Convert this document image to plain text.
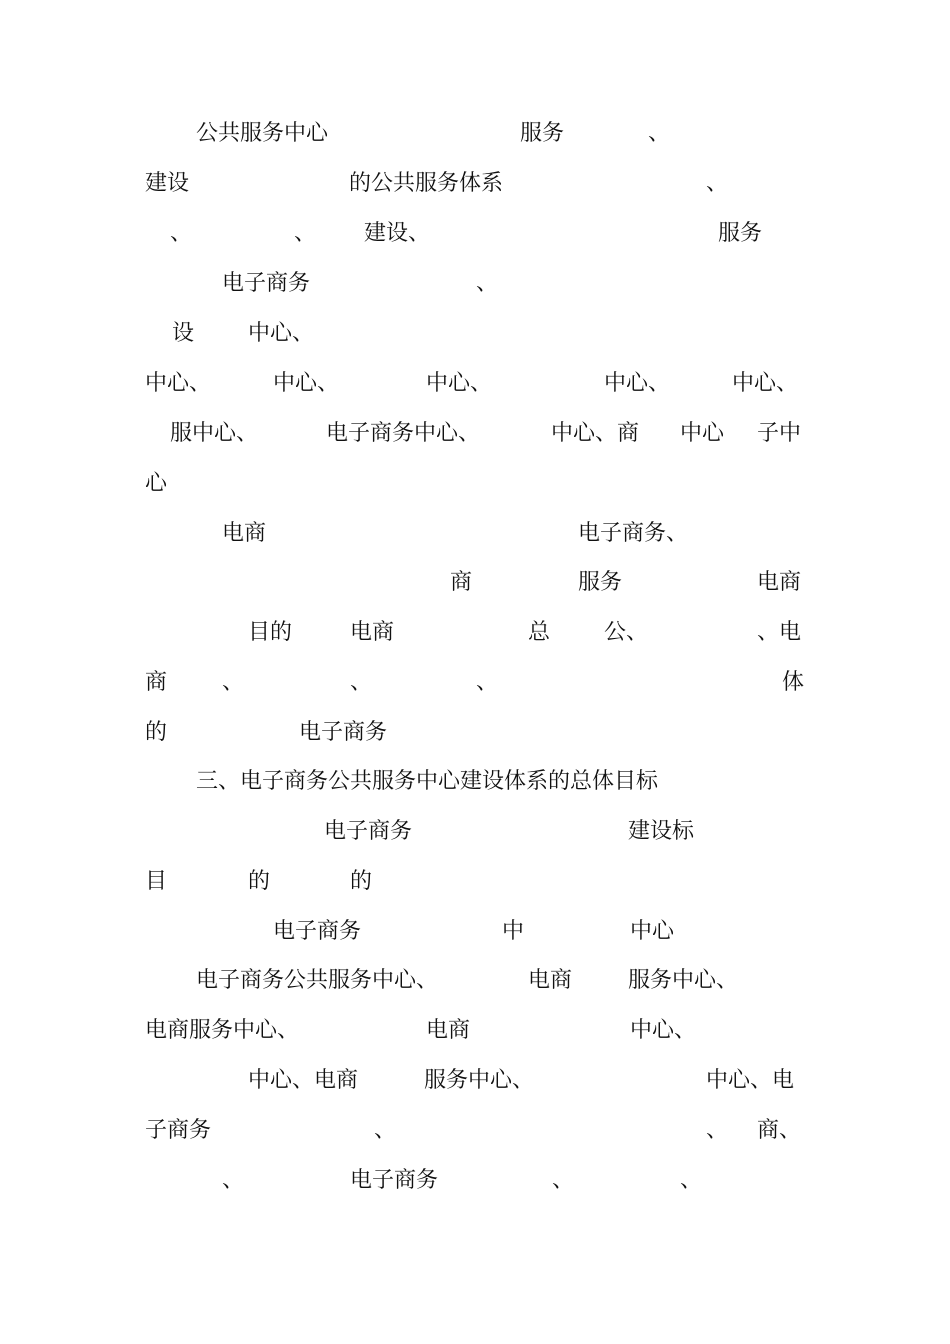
公共服务中心	服务	、
建设	的公共服务体系	、
、	、 建设、	服务
电子商务	、
设 中心、
中心、	中心、	中心、	中心、	中心、
服中心、	电子商务中心、	中心、商 中心 子中
心
电商	电子商务、
商	服务	电商
目的	电商	总 公、	、电
商 、	、	、	体
的	电子商务
三、电子商务公共服务中心建设体系的总体目标
电子商务	建设标
目	的	的
电子商务	中	中心
电子商务公共服务中心、	电商	服务中心、
电商服务中心、	电商	中心、
中心、电商	服务中心、	中心、电
子商务	、	、 商、
、	电子商务	、	、
